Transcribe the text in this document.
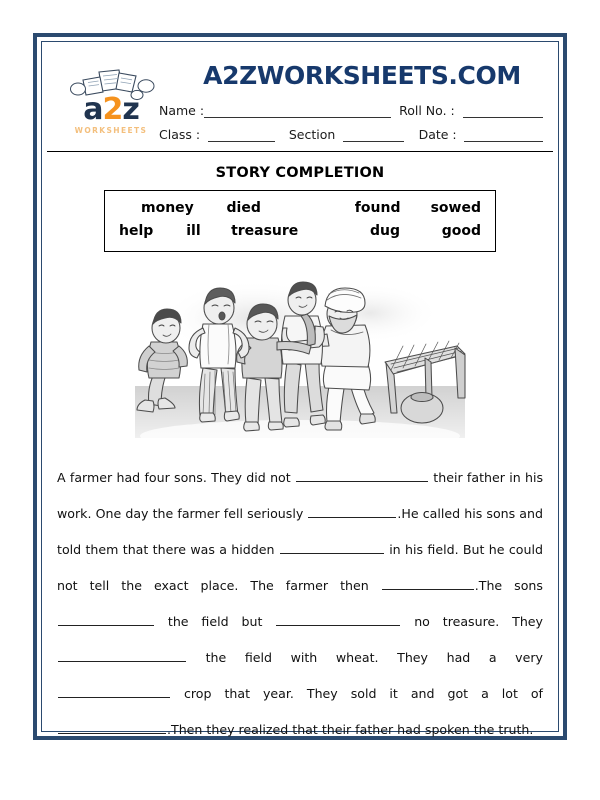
a2z
WORKSHEETS
A2ZWORKSHEETS.COM
Name :	Roll No. :
Class :	Section	Date :
STORY COMPLETION
money	died	found	sowed
help	ill	treasure	dug	good
A farmer had four sons. They did not	their father in his work. One day the farmer fell seriously	.He called his sons and told them that there was a hidden	in his field. But he could not tell the exact place. The farmer then	.The sons  the field but	no treasure. They  the field with wheat. They had a very  crop that year. They sold it and got a lot of .Then they realized that their father had spoken the truth.
